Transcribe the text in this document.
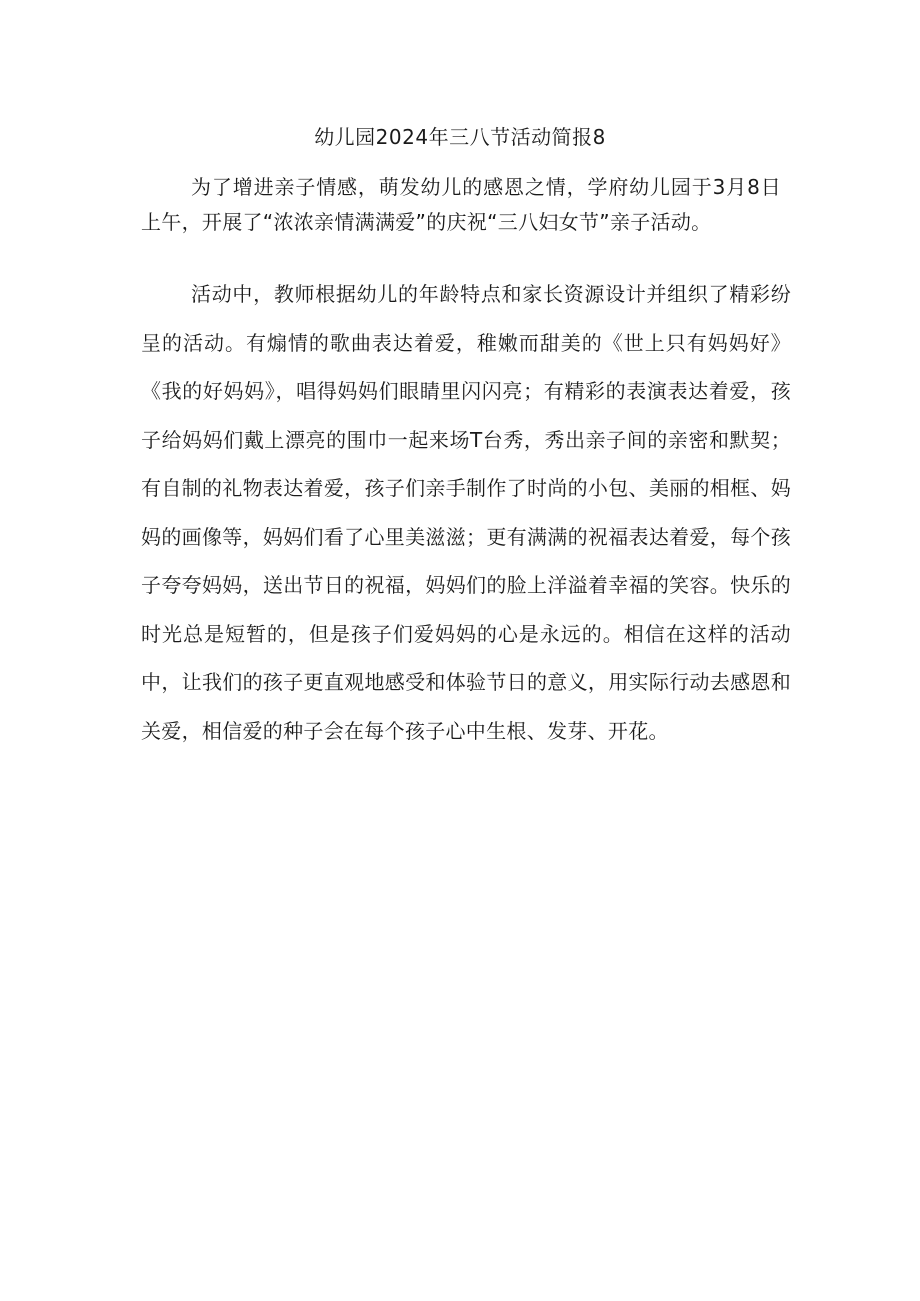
幼儿园2024年三八节活动简报8

为了增进亲子情感，萌发幼儿的感恩之情，学府幼儿园于3月8日上午，开展了“浓浓亲情满满爱”的庆祝“三八妇女节”亲子活动。

活动中，教师根据幼儿的年龄特点和家长资源设计并组织了精彩纷呈的活动。有煽情的歌曲表达着爱，稚嫩而甜美的《世上只有妈妈好》《我的好妈妈》，唱得妈妈们眼睛里闪闪亮；有精彩的表演表达着爱，孩子给妈妈们戴上漂亮的围巾一起来场T台秀，秀出亲子间的亲密和默契；有自制的礼物表达着爱，孩子们亲手制作了时尚的小包、美丽的相框、妈妈的画像等，妈妈们看了心里美滋滋；更有满满的祝福表达着爱，每个孩子夸夸妈妈，送出节日的祝福，妈妈们的脸上洋溢着幸福的笑容。快乐的时光总是短暂的，但是孩子们爱妈妈的心是永远的。相信在这样的活动中，让我们的孩子更直观地感受和体验节日的意义，用实际行动去感恩和关爱，相信爱的种子会在每个孩子心中生根、发芽、开花。
